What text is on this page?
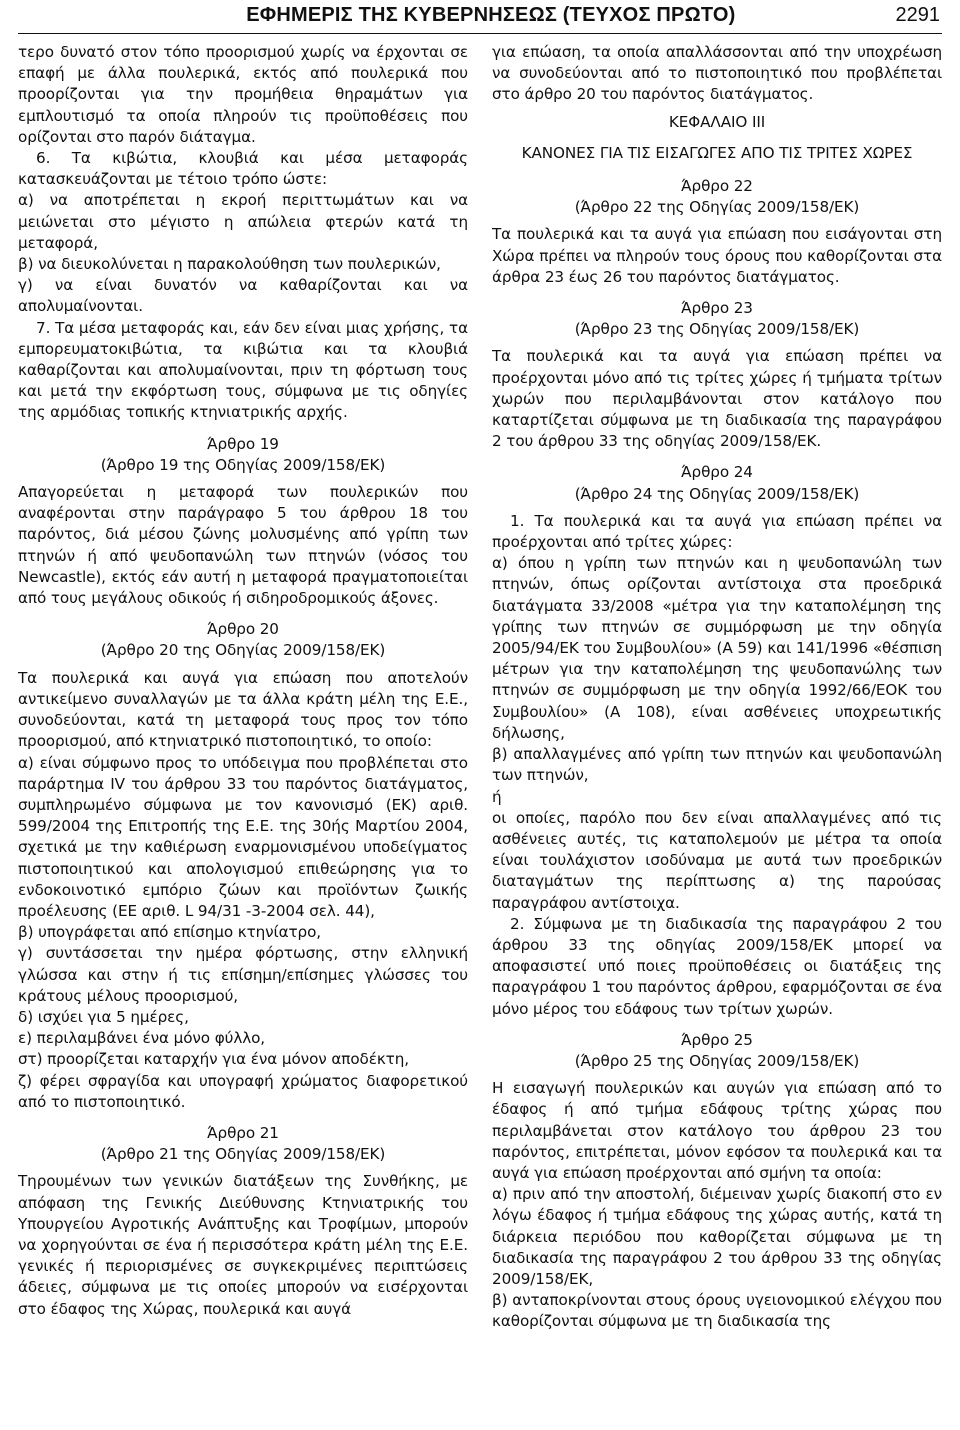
ΕΦΗΜΕΡΙΣ ΤΗΣ ΚΥΒΕΡΝΗΣΕΩΣ (ΤΕΥΧΟΣ ΠΡΩΤΟ)	2291

τερο δυνατό στον τόπο προορισμού χωρίς να έρχονται σε επαφή με άλλα πουλερικά, εκτός από πουλερικά που προορίζονται για την προμήθεια θηραμάτων για εμπλουτισμό τα οποία πληρούν τις προϋποθέσεις που ορίζονται στο παρόν διάταγμα.

6. Τα κιβώτια, κλουβιά και μέσα μεταφοράς κατασκευάζονται με τέτοιο τρόπο ώστε:

α) να αποτρέπεται η εκροή περιττωμάτων και να μειώνεται στο μέγιστο η απώλεια φτερών κατά τη μεταφορά,

β) να διευκολύνεται η παρακολούθηση των πουλερικών,

γ) να είναι δυνατόν να καθαρίζονται και να απολυμαίνονται.

7. Τα μέσα μεταφοράς και, εάν δεν είναι μιας χρήσης, τα εμπορευματοκιβώτια, τα κιβώτια και τα κλουβιά καθαρίζονται και απολυμαίνονται, πριν τη φόρτωση τους και μετά την εκφόρτωση τους, σύμφωνα με τις οδηγίες της αρμόδιας τοπικής κτηνιατρικής αρχής.

Άρθρο 19
(Άρθρο 19 της Οδηγίας 2009/158/ΕΚ)

Απαγορεύεται η μεταφορά των πουλερικών που αναφέρονται στην παράγραφο 5 του άρθρου 18 του παρόντος, διά μέσου ζώνης μολυσμένης από γρίπη των πτηνών ή από ψευδοπανώλη των πτηνών (νόσος του Newcastle), εκτός εάν αυτή η μεταφορά πραγματοποιείται από τους μεγάλους οδικούς ή σιδηροδρομικούς άξονες.

Άρθρο 20
(Άρθρο 20 της Οδηγίας 2009/158/ΕΚ)

Τα πουλερικά και αυγά για επώαση που αποτελούν αντικείμενο συναλλαγών με τα άλλα κράτη μέλη της Ε.Ε., συνοδεύονται, κατά τη μεταφορά τους προς τον τόπο προορισμού, από κτηνιατρικό πιστοποιητικό, το οποίο:

α) είναι σύμφωνο προς το υπόδειγμα που προβλέπεται στο παράρτημα IV του άρθρου 33 του παρόντος διατάγματος, συμπληρωμένο σύμφωνα με τον κανονισμό (ΕΚ) αριθ. 599/2004 της Επιτροπής της Ε.Ε. της 30ής Μαρτίου 2004, σχετικά με την καθιέρωση εναρμονισμένου υποδείγματος πιστοποιητικού και απολογισμού επιθεώρησης για το ενδοκοινοτικό εμπόριο ζώων και προϊόντων ζωικής προέλευσης (ΕΕ αριθ. L 94/31 -3-2004 σελ. 44),

β) υπογράφεται από επίσημο κτηνίατρο,

γ) συντάσσεται την ημέρα φόρτωσης, στην ελληνική γλώσσα και στην ή τις επίσημη/επίσημες γλώσσες του κράτους μέλους προορισμού,

δ) ισχύει για 5 ημέρες,

ε) περιλαμβάνει ένα μόνο φύλλο,

στ) προορίζεται καταρχήν για ένα μόνον αποδέκτη,

ζ) φέρει σφραγίδα και υπογραφή χρώματος διαφορετικού από το πιστοποιητικό.

Άρθρο 21
(Άρθρο 21 της Οδηγίας 2009/158/ΕΚ)

Τηρουμένων των γενικών διατάξεων της Συνθήκης, με απόφαση της Γενικής Διεύθυνσης Κτηνιατρικής του Υπουργείου Αγροτικής Ανάπτυξης και Τροφίμων, μπορούν να χορηγούνται σε ένα ή περισσότερα κράτη μέλη της Ε.Ε. γενικές ή περιορισμένες σε συγκεκριμένες περιπτώσεις άδειες, σύμφωνα με τις οποίες μπορούν να εισέρχονται στο έδαφος της Χώρας, πουλερικά και αυγά

για επώαση, τα οποία απαλλάσσονται από την υποχρέωση να συνοδεύονται από το πιστοποιητικό που προβλέπεται στο άρθρο 20 του παρόντος διατάγματος.

ΚΕΦΑΛΑΙΟ III
ΚΑΝΟΝΕΣ ΓΙΑ ΤΙΣ ΕΙΣΑΓΩΓΕΣ ΑΠΟ ΤΙΣ ΤΡΙΤΕΣ ΧΩΡΕΣ
Άρθρο 22
(Άρθρο 22 της Οδηγίας 2009/158/ΕΚ)

Τα πουλερικά και τα αυγά για επώαση που εισάγονται στη Χώρα πρέπει να πληρούν τους όρους που καθορίζονται στα άρθρα 23 έως 26 του παρόντος διατάγματος.

Άρθρο 23
(Άρθρο 23 της Οδηγίας 2009/158/ΕΚ)

Τα πουλερικά και τα αυγά για επώαση πρέπει να προέρχονται μόνο από τις τρίτες χώρες ή τμήματα τρίτων χωρών που περιλαμβάνονται στον κατάλογο που καταρτίζεται σύμφωνα με τη διαδικασία της παραγράφου 2 του άρθρου 33 της οδηγίας 2009/158/ΕΚ.

Άρθρο 24
(Άρθρο 24 της Οδηγίας 2009/158/ΕΚ)

1. Τα πουλερικά και τα αυγά για επώαση πρέπει να προέρχονται από τρίτες χώρες:

α) όπου η γρίπη των πτηνών και η ψευδοπανώλη των πτηνών, όπως ορίζονται αντίστοιχα στα προεδρικά διατάγματα 33/2008 «μέτρα για την καταπολέμηση της γρίπης των πτηνών σε συμμόρφωση με την οδηγία 2005/94/ΕΚ του Συμβουλίου» (Α 59) και 141/1996 «θέσπιση μέτρων για την καταπολέμηση της ψευδοπανώλης των πτηνών σε συμμόρφωση με την οδηγία 1992/66/ΕΟΚ του Συμβουλίου» (Α 108), είναι ασθένειες υποχρεωτικής δήλωσης,

β) απαλλαγμένες από γρίπη των πτηνών και ψευδοπανώλη των πτηνών,

ή

οι οποίες, παρόλο που δεν είναι απαλλαγμένες από τις ασθένειες αυτές, τις καταπολεμούν με μέτρα τα οποία είναι τουλάχιστον ισοδύναμα με αυτά των προεδρικών διαταγμάτων της περίπτωσης α) της παρούσας παραγράφου αντίστοιχα.

2. Σύμφωνα με τη διαδικασία της παραγράφου 2 του άρθρου 33 της οδηγίας 2009/158/ΕΚ μπορεί να αποφασιστεί υπό ποιες προϋποθέσεις οι διατάξεις της παραγράφου 1 του παρόντος άρθρου, εφαρμόζονται σε ένα μόνο μέρος του εδάφους των τρίτων χωρών.

Άρθρο 25
(Άρθρο 25 της Οδηγίας 2009/158/ΕΚ)

Η εισαγωγή πουλερικών και αυγών για επώαση από το έδαφος ή από τμήμα εδάφους τρίτης χώρας που περιλαμβάνεται στον κατάλογο του άρθρου 23 του παρόντος, επιτρέπεται, μόνον εφόσον τα πουλερικά και τα αυγά για επώαση προέρχονται από σμήνη τα οποία:

α) πριν από την αποστολή, διέμειναν χωρίς διακοπή στο εν λόγω έδαφος ή τμήμα εδάφους της χώρας αυτής, κατά τη διάρκεια περιόδου που καθορίζεται σύμφωνα με τη διαδικασία της παραγράφου 2 του άρθρου 33 της οδηγίας 2009/158/ΕΚ,

β) ανταποκρίνονται στους όρους υγειονομικού ελέγχου που καθορίζονται σύμφωνα με τη διαδικασία της
